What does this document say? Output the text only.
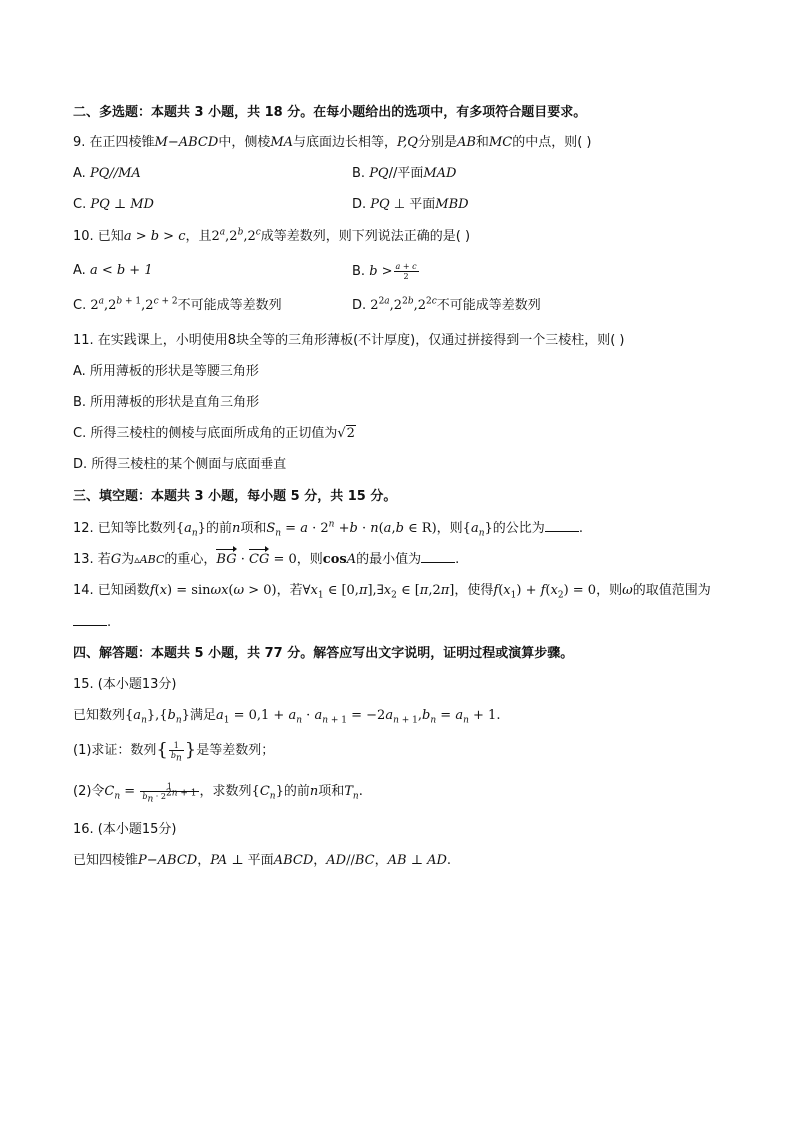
二、多选题：本题共 3 小题，共 18 分。在每小题给出的选项中，有多项符合题目要求。
9. 在正四棱锥M−ABCD中，侧棱MA与底面边长相等，P,Q分别是AB和MC的中点，则( )
A. PQ//MA	B. PQ//平面MAD
C. PQ ⊥ MD	D. PQ ⊥ 平面MBD
10. 已知a > b > c，且2$^a$,2$^b$,2$^c$成等差数列，则下列说法正确的是( )
A. a < b + 1	B. $b > \frac{a + c}{2}$
C. $2^a,2^{b + 1},2^{c + 2}$不可能成等差数列	D. $2^{2a},2^{2b},2^{2c}$不可能成等差数列
11. 在实践课上，小明使用8块全等的三角形薄板(不计厚度)，仅通过拼接得到一个三棱柱，则( )
A. 所用薄板的形状是等腰三角形
B. 所用薄板的形状是直角三角形
C. 所得三棱柱的侧棱与底面所成角的正切值为√2
D. 所得三棱柱的某个侧面与底面垂直
三、填空题：本题共 3 小题，每小题 5 分，共 15 分。
12. 已知等比数列$\{a_n\}$的前n项和$S_n = a \cdot 2^n +b \cdot n(a,b$ ∈ R)，则$\{a_n\}$的公比为	.
13. 若G为▵ABC的重心，BG · CG = 0，则cosA的最小值为	.
14. 已知函数f(x) = sinωx(ω > 0)，若$\forall x_1$ ∈ $[0,\pi],\exists x_2$ ∈ [π,2π]，使得$f(x_1) + f(x_2) = 0$，则ω的取值范围为
.
四、解答题：本题共 5 小题，共 77 分。解答应写出文字说明，证明过程或演算步骤。
15. (本小题13分)
已知数列$\{a_n\},\{b_n\}$满足$a_1 = 0,1 + a_n \cdot a_{n + 1} = -2a_{n + 1},b_n = a_n + 1$.
(1)求证：数列{ $\frac{1}{b_n}$ }是等差数列；
(2)令$C_n = \frac{1}{b_n \cdot 2^{2n + 1}}$ ，求数列$\{C_n\}$的前n项和$T_n$.
16. (本小题15分)
已知四棱锥P−ABCD，PA ⊥ 平面ABCD，AD//BC，AB ⊥ AD.
